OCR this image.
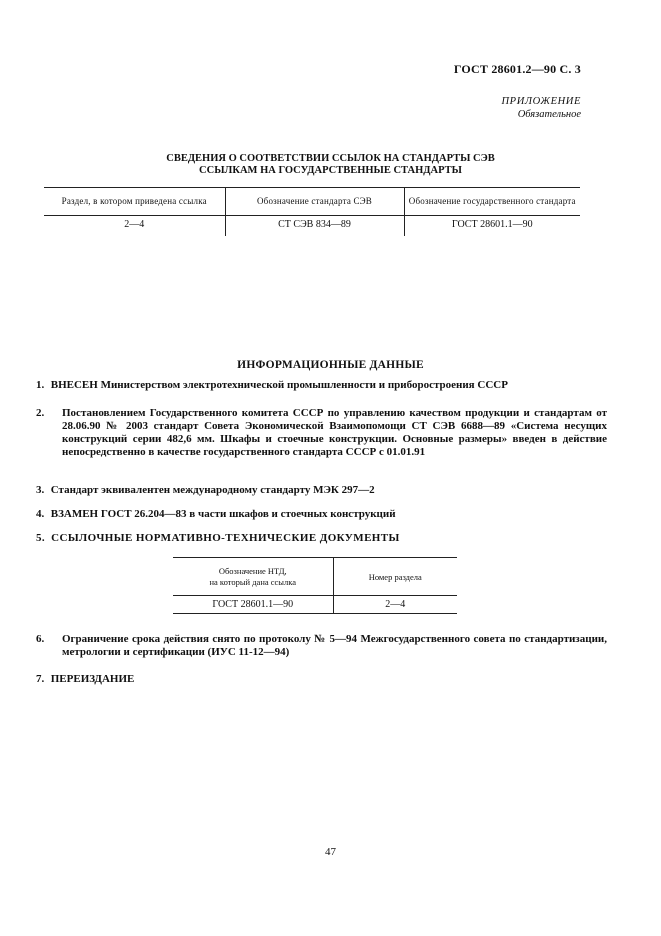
ГОСТ 28601.2—90 С. 3
ПРИЛОЖЕНИЕ
Обязательное
СВЕДЕНИЯ О СООТВЕТСТВИИ ССЫЛОК НА СТАНДАРТЫ СЭВ
ССЫЛКАМ НА ГОСУДАРСТВЕННЫЕ СТАНДАРТЫ
Раздел, в котором приведена ссылка	Обозначение стандарта СЭВ	Обозначение государственного стандарта
2—4	СТ СЭВ 834—89	ГОСТ 28601.1—90
ИНФОРМАЦИОННЫЕ ДАННЫЕ
1. ВНЕСЕН Министерством электротехнической промышленности и приборостроения СССР
2. Постановлением Государственного комитета СССР по управлению качеством продукции и стандартам от 28.06.90 № 2003 стандарт Совета Экономической Взаимопомощи СТ СЭВ 6688—89 «Система несущих конструкций серии 482,6 мм. Шкафы и стоечные конструкции. Основные размеры» введен в действие непосредственно в качестве государственного стандарта СССР с 01.01.91
3. Стандарт эквивалентен международному стандарту МЭК 297—2
4. ВЗАМЕН ГОСТ 26.204—83 в части шкафов и стоечных конструкций
5. ССЫЛОЧНЫЕ НОРМАТИВНО-ТЕХНИЧЕСКИЕ ДОКУМЕНТЫ
Обозначение НТД,
на который дана ссылка	Номер раздела
ГОСТ 28601.1—90	2—4
6. Ограничение срока действия снято по протоколу № 5—94 Межгосударственного совета по стандартизации, метрологии и сертификации (ИУС 11-12—94)
7. ПЕРЕИЗДАНИЕ
47
